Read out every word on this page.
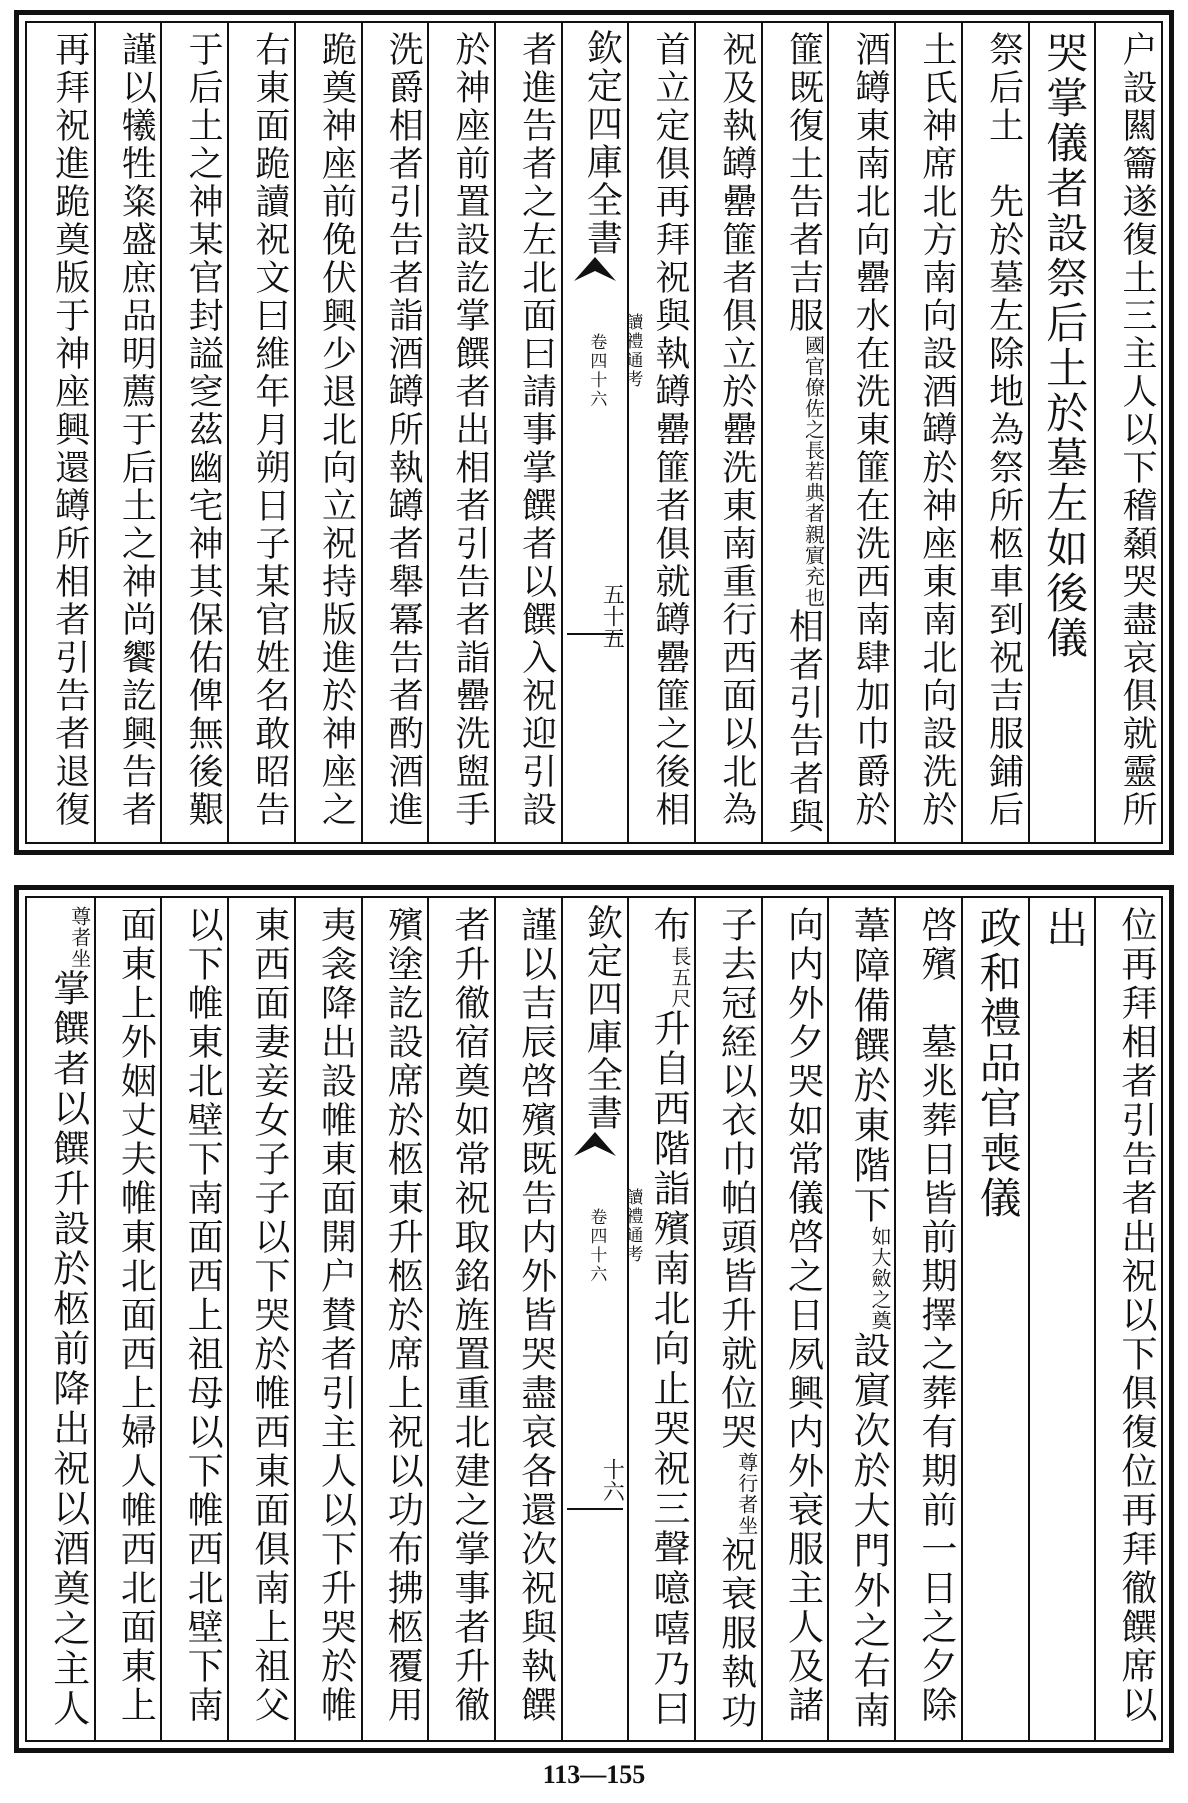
户設闗籥遂復土三主人以下稽顙哭盡哀俱就靈所
哭掌儀者設祭后土於墓左如後儀
祭后土　先於墓左除地為祭所柩車到祝吉服鋪后
土氏神席北方南向設酒罇於神座東南北向設洗於
酒罇東南北向罍水在洗東篚在洗西南肆加巾爵於
篚既復土告者吉服
國官僚佐之長若典者親賔充也
相者引告者與
祝及執罇罍篚者俱立於罍洗東南重行西面以北為
首立定俱再拜祝與執罇罍篚者俱就罇罍篚之後相
欽定四庫全書
讀禮通考
卷四十六
五十五
者進告者之左北面曰請事掌饌者以饌入祝迎引設
於神座前置設訖掌饌者出相者引告者詣罍洗盥手
洗爵相者引告者詣酒罇所執罇者舉冪告者酌酒進
跪奠神座前俛伏興少退北向立祝持版進於神座之
右東面跪讀祝文曰維年月朔日子某官姓名敢昭告
于后土之神某官封謚窆茲幽宅神其保佑俾無後艱
謹以犧牲粢盛庶品明薦于后土之神尚饗訖興告者
再拜祝進跪奠版于神座興還罇所相者引告者退復
位再拜相者引告者出祝以下俱復位再拜徹饌席以
出
政和禮品官喪儀
啓殯　墓兆葬日皆前期擇之葬有期前一日之夕除
葦障備饌於東階下
如大斂之奠
設賔次於大門外之右南
向内外夕哭如常儀啓之日夙興内外衰服主人及諸
子去冠絰以衣巾帕頭皆升就位哭
尊行者坐
祝衰服執功
布
長五尺
升自西階詣殯南北向止哭祝三聲噫嘻乃曰
欽定四庫全書
讀禮通考
卷四十六
十六
謹以吉辰啓殯既告内外皆哭盡哀各還次祝與執饌
者升徹宿奠如常祝取銘旌置重北建之掌事者升徹
殯塗訖設席於柩東升柩於席上祝以功布拂柩覆用
夷衾降出設帷東面開户賛者引主人以下升哭於帷
東西面妻妾女子子以下哭於帷西東面俱南上祖父
以下帷東北壁下南面西上祖母以下帷西北壁下南
面東上外姻丈夫帷東北面西上婦人帷西北面東上
尊者坐
掌饌者以饌升設於柩前降出祝以酒奠之主人
113—155
